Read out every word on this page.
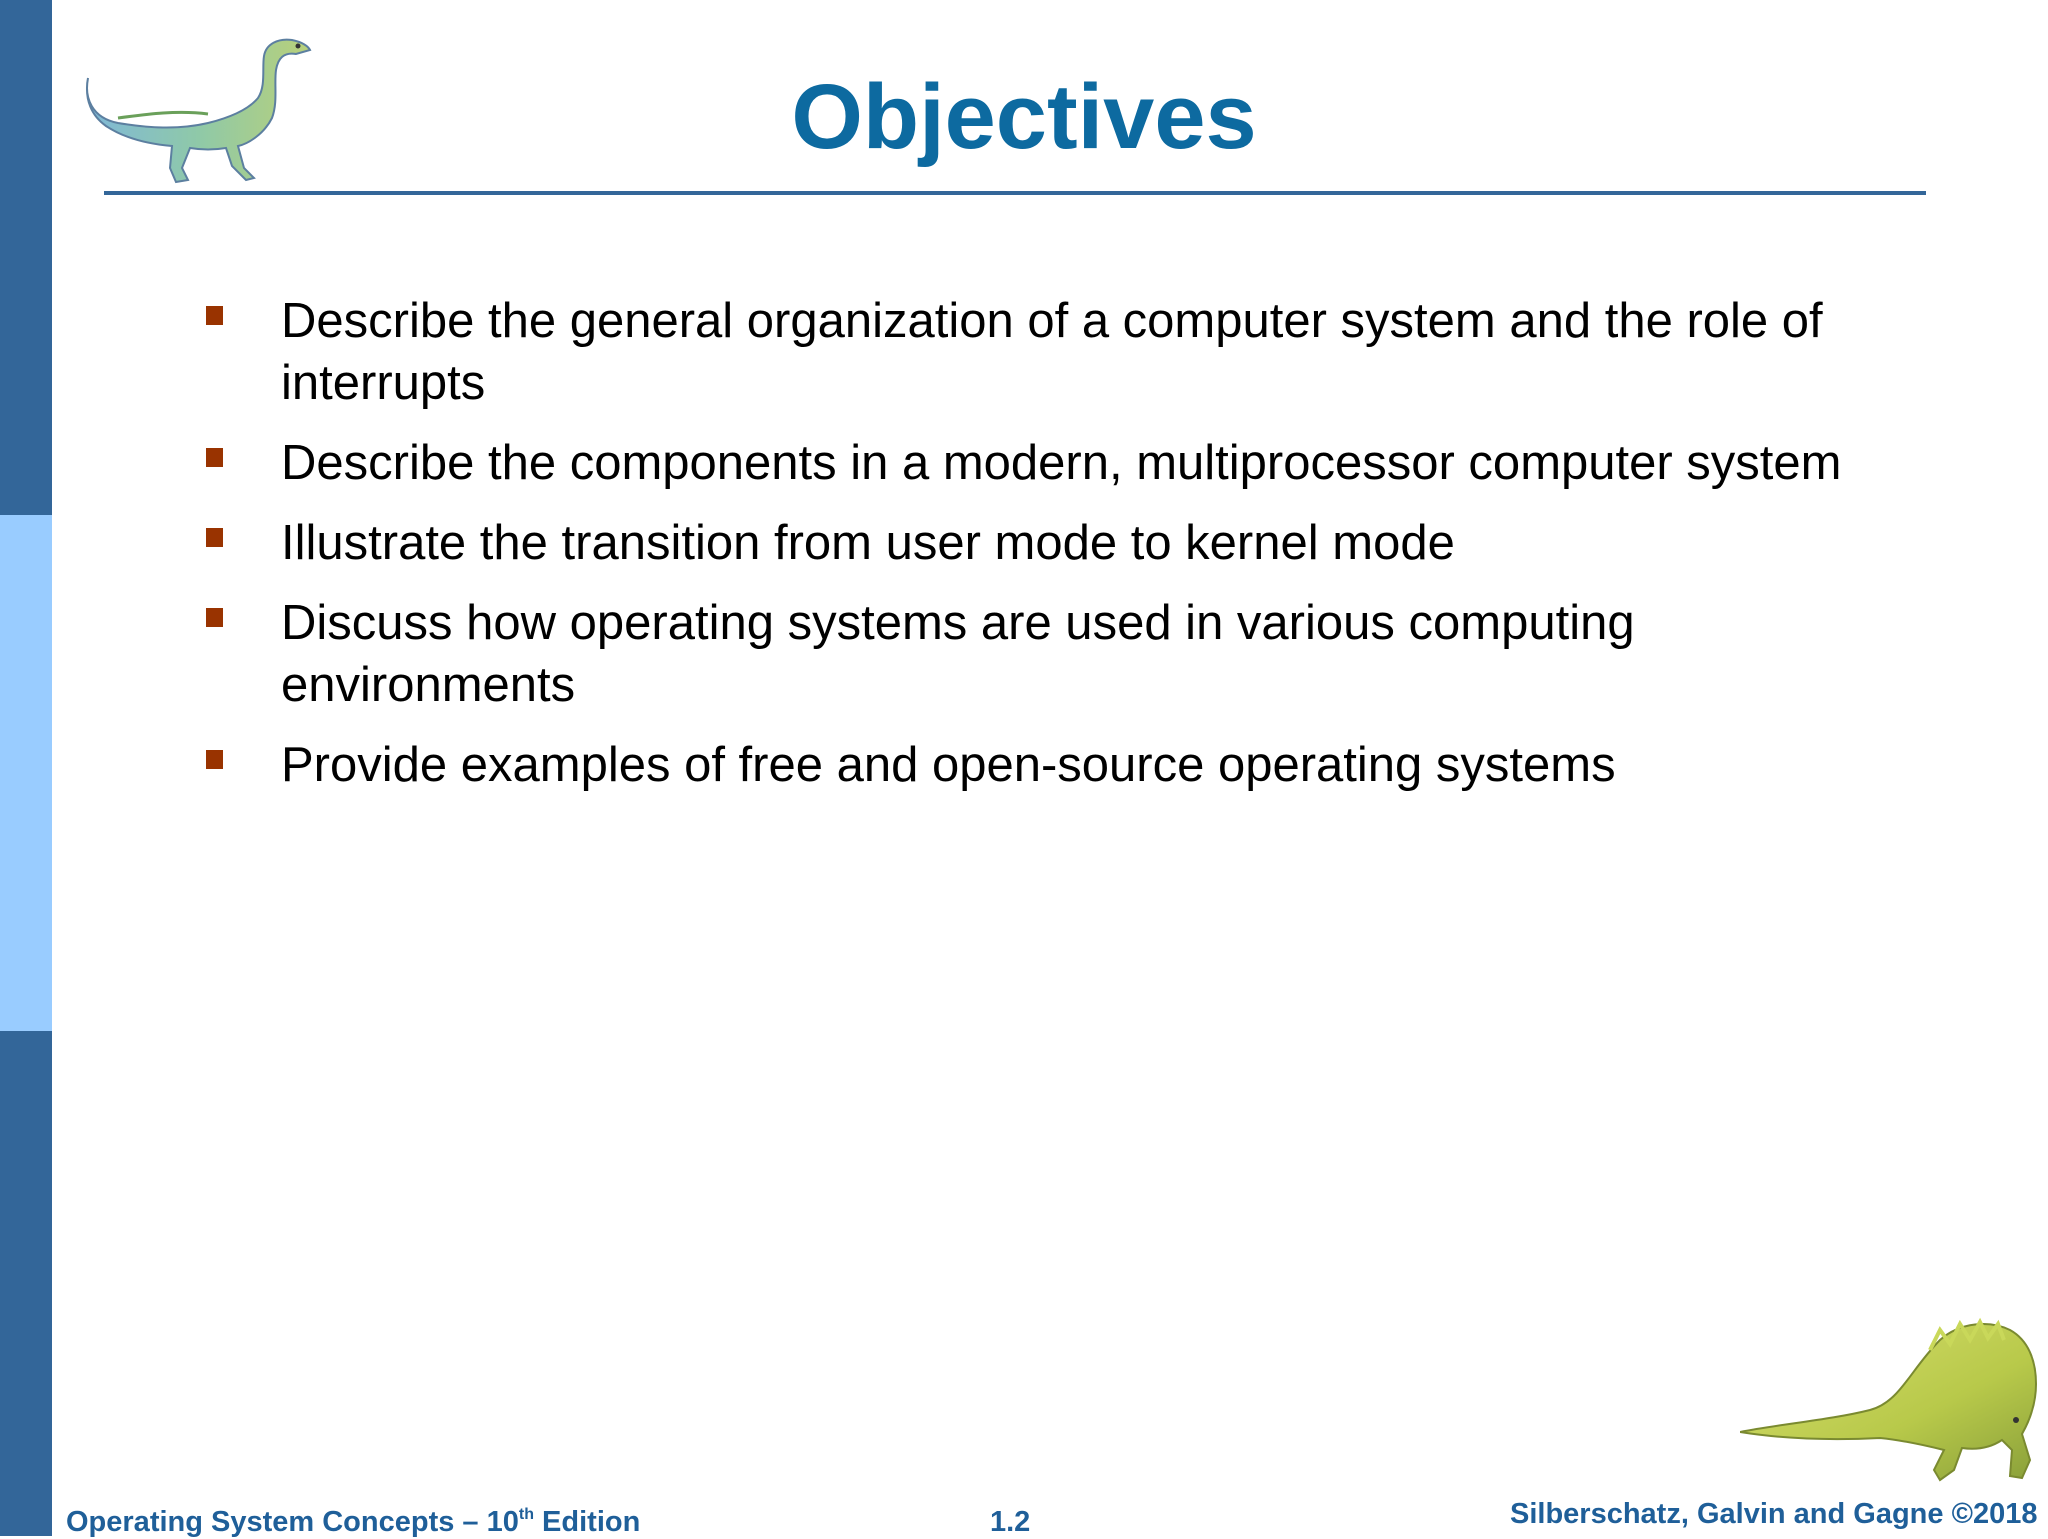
Objectives
Describe the general organization of a computer system and the role of interrupts
Describe the components in a modern, multiprocessor computer system
Illustrate the transition from user mode to kernel mode
Discuss how operating systems are used in various computing environments
Provide examples of free and open-source operating systems
Operating System Concepts – 10th Edition	1.2	Silberschatz, Galvin and Gagne ©2018
